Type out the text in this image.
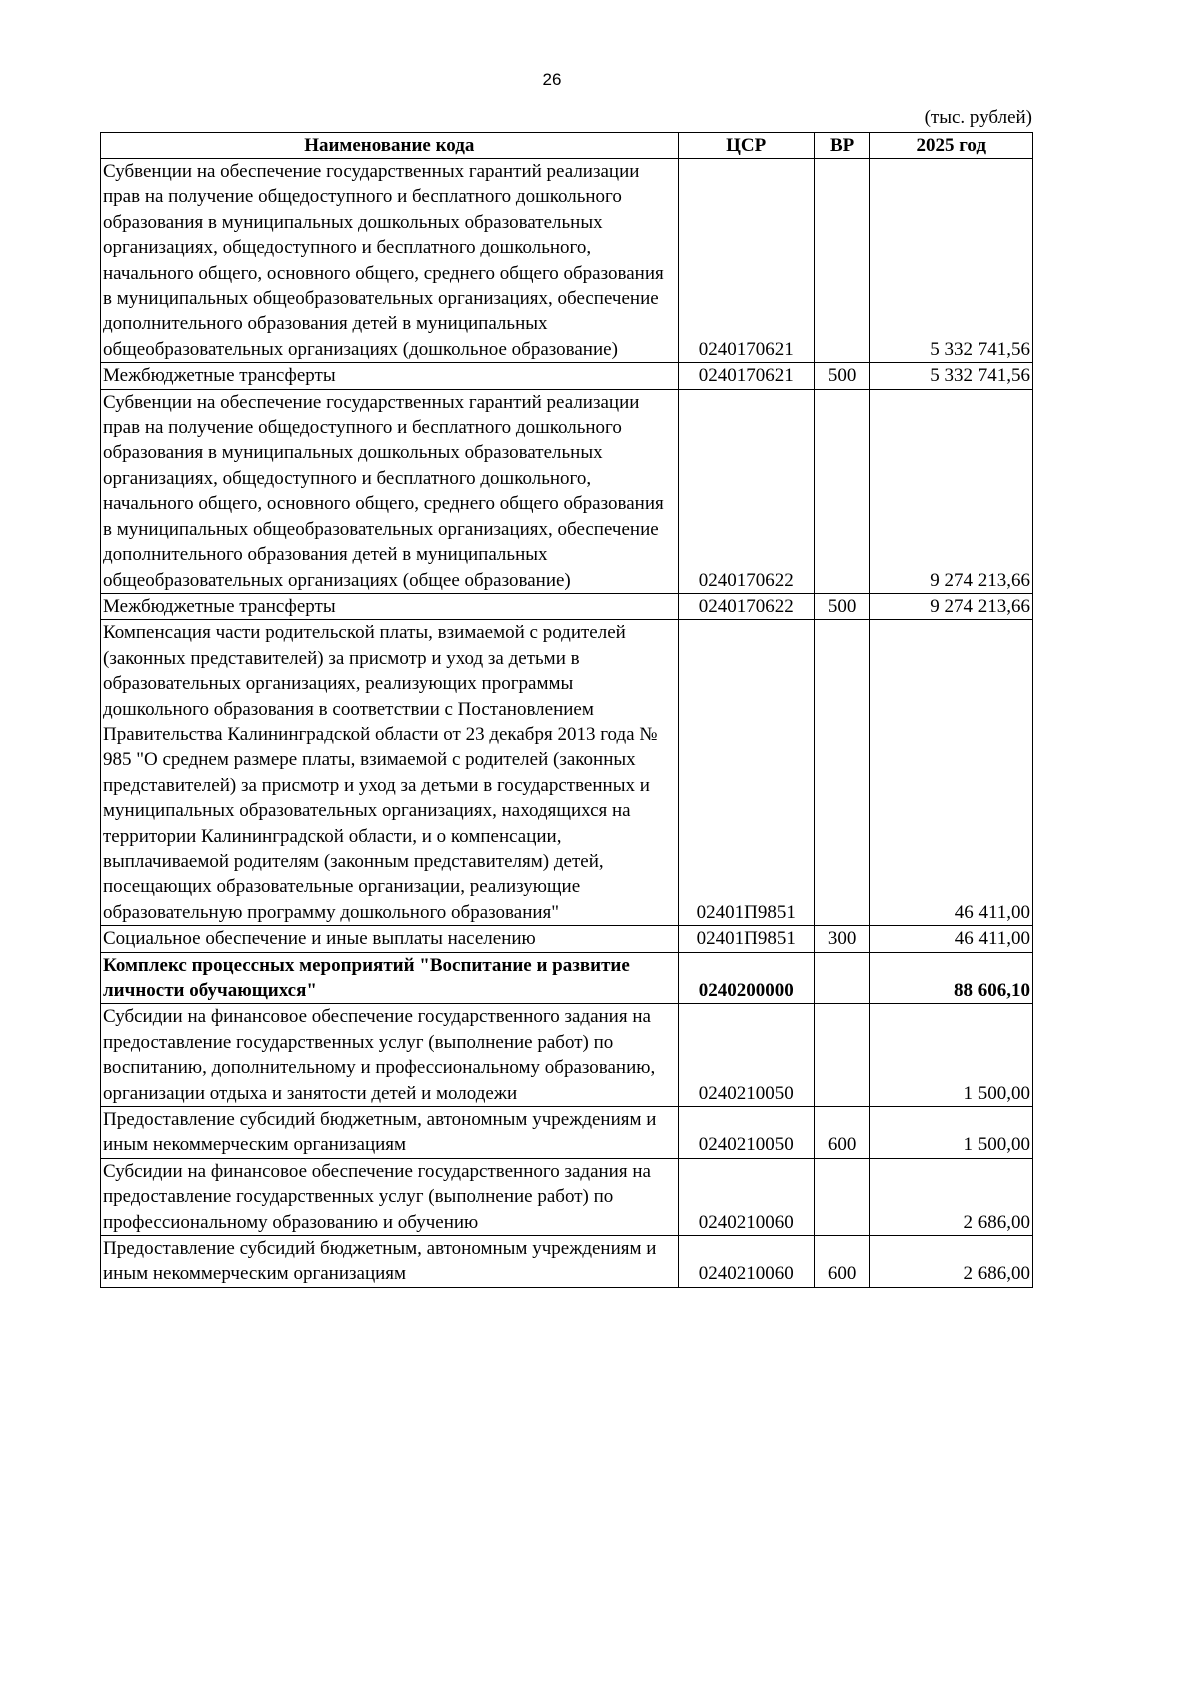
26
(тыс. рублей)
Наименование кода	ЦСР	ВР	2025 год
Субвенции на обеспечение государственных гарантий реализации прав на получение общедоступного и бесплатного дошкольного образования в муниципальных дошкольных образовательных организациях, общедоступного и бесплатного дошкольного, начального общего, основного общего, среднего общего образования в муниципальных общеобразовательных организациях, обеспечение дополнительного образования детей в муниципальных общеобразовательных организациях (дошкольное образование)	0240170621		5 332 741,56
Межбюджетные трансферты	0240170621	500	5 332 741,56
Субвенции на обеспечение государственных гарантий реализации прав на получение общедоступного и бесплатного дошкольного образования в муниципальных дошкольных образовательных организациях, общедоступного и бесплатного дошкольного, начального общего, основного общего, среднего общего образования в муниципальных общеобразовательных организациях, обеспечение дополнительного образования детей в муниципальных общеобразовательных организациях (общее образование)	0240170622		9 274 213,66
Межбюджетные трансферты	0240170622	500	9 274 213,66
Компенсация части родительской платы, взимаемой с родителей (законных представителей) за присмотр и уход за детьми в образовательных организациях, реализующих программы дошкольного образования в соответствии с Постановлением Правительства Калининградской области от 23 декабря 2013 года № 985 "О среднем размере платы, взимаемой с родителей (законных представителей) за присмотр и уход за детьми в государственных и муниципальных образовательных организациях, находящихся на территории Калининградской области, и о компенсации, выплачиваемой родителям (законным представителям) детей, посещающих образовательные организации, реализующие образовательную программу дошкольного образования"	02401П9851		46 411,00
Социальное обеспечение и иные выплаты населению	02401П9851	300	46 411,00
Комплекс процессных мероприятий "Воспитание и развитие личности обучающихся"	0240200000		88 606,10
Субсидии на финансовое обеспечение государственного задания на предоставление государственных услуг (выполнение работ) по воспитанию, дополнительному и профессиональному образованию, организации отдыха и занятости детей и молодежи	0240210050		1 500,00
Предоставление субсидий бюджетным, автономным учреждениям и иным некоммерческим организациям	0240210050	600	1 500,00
Субсидии на финансовое обеспечение государственного задания на предоставление государственных услуг (выполнение работ) по профессиональному образованию и обучению	0240210060		2 686,00
Предоставление субсидий бюджетным, автономным учреждениям и иным некоммерческим организациям	0240210060	600	2 686,00
